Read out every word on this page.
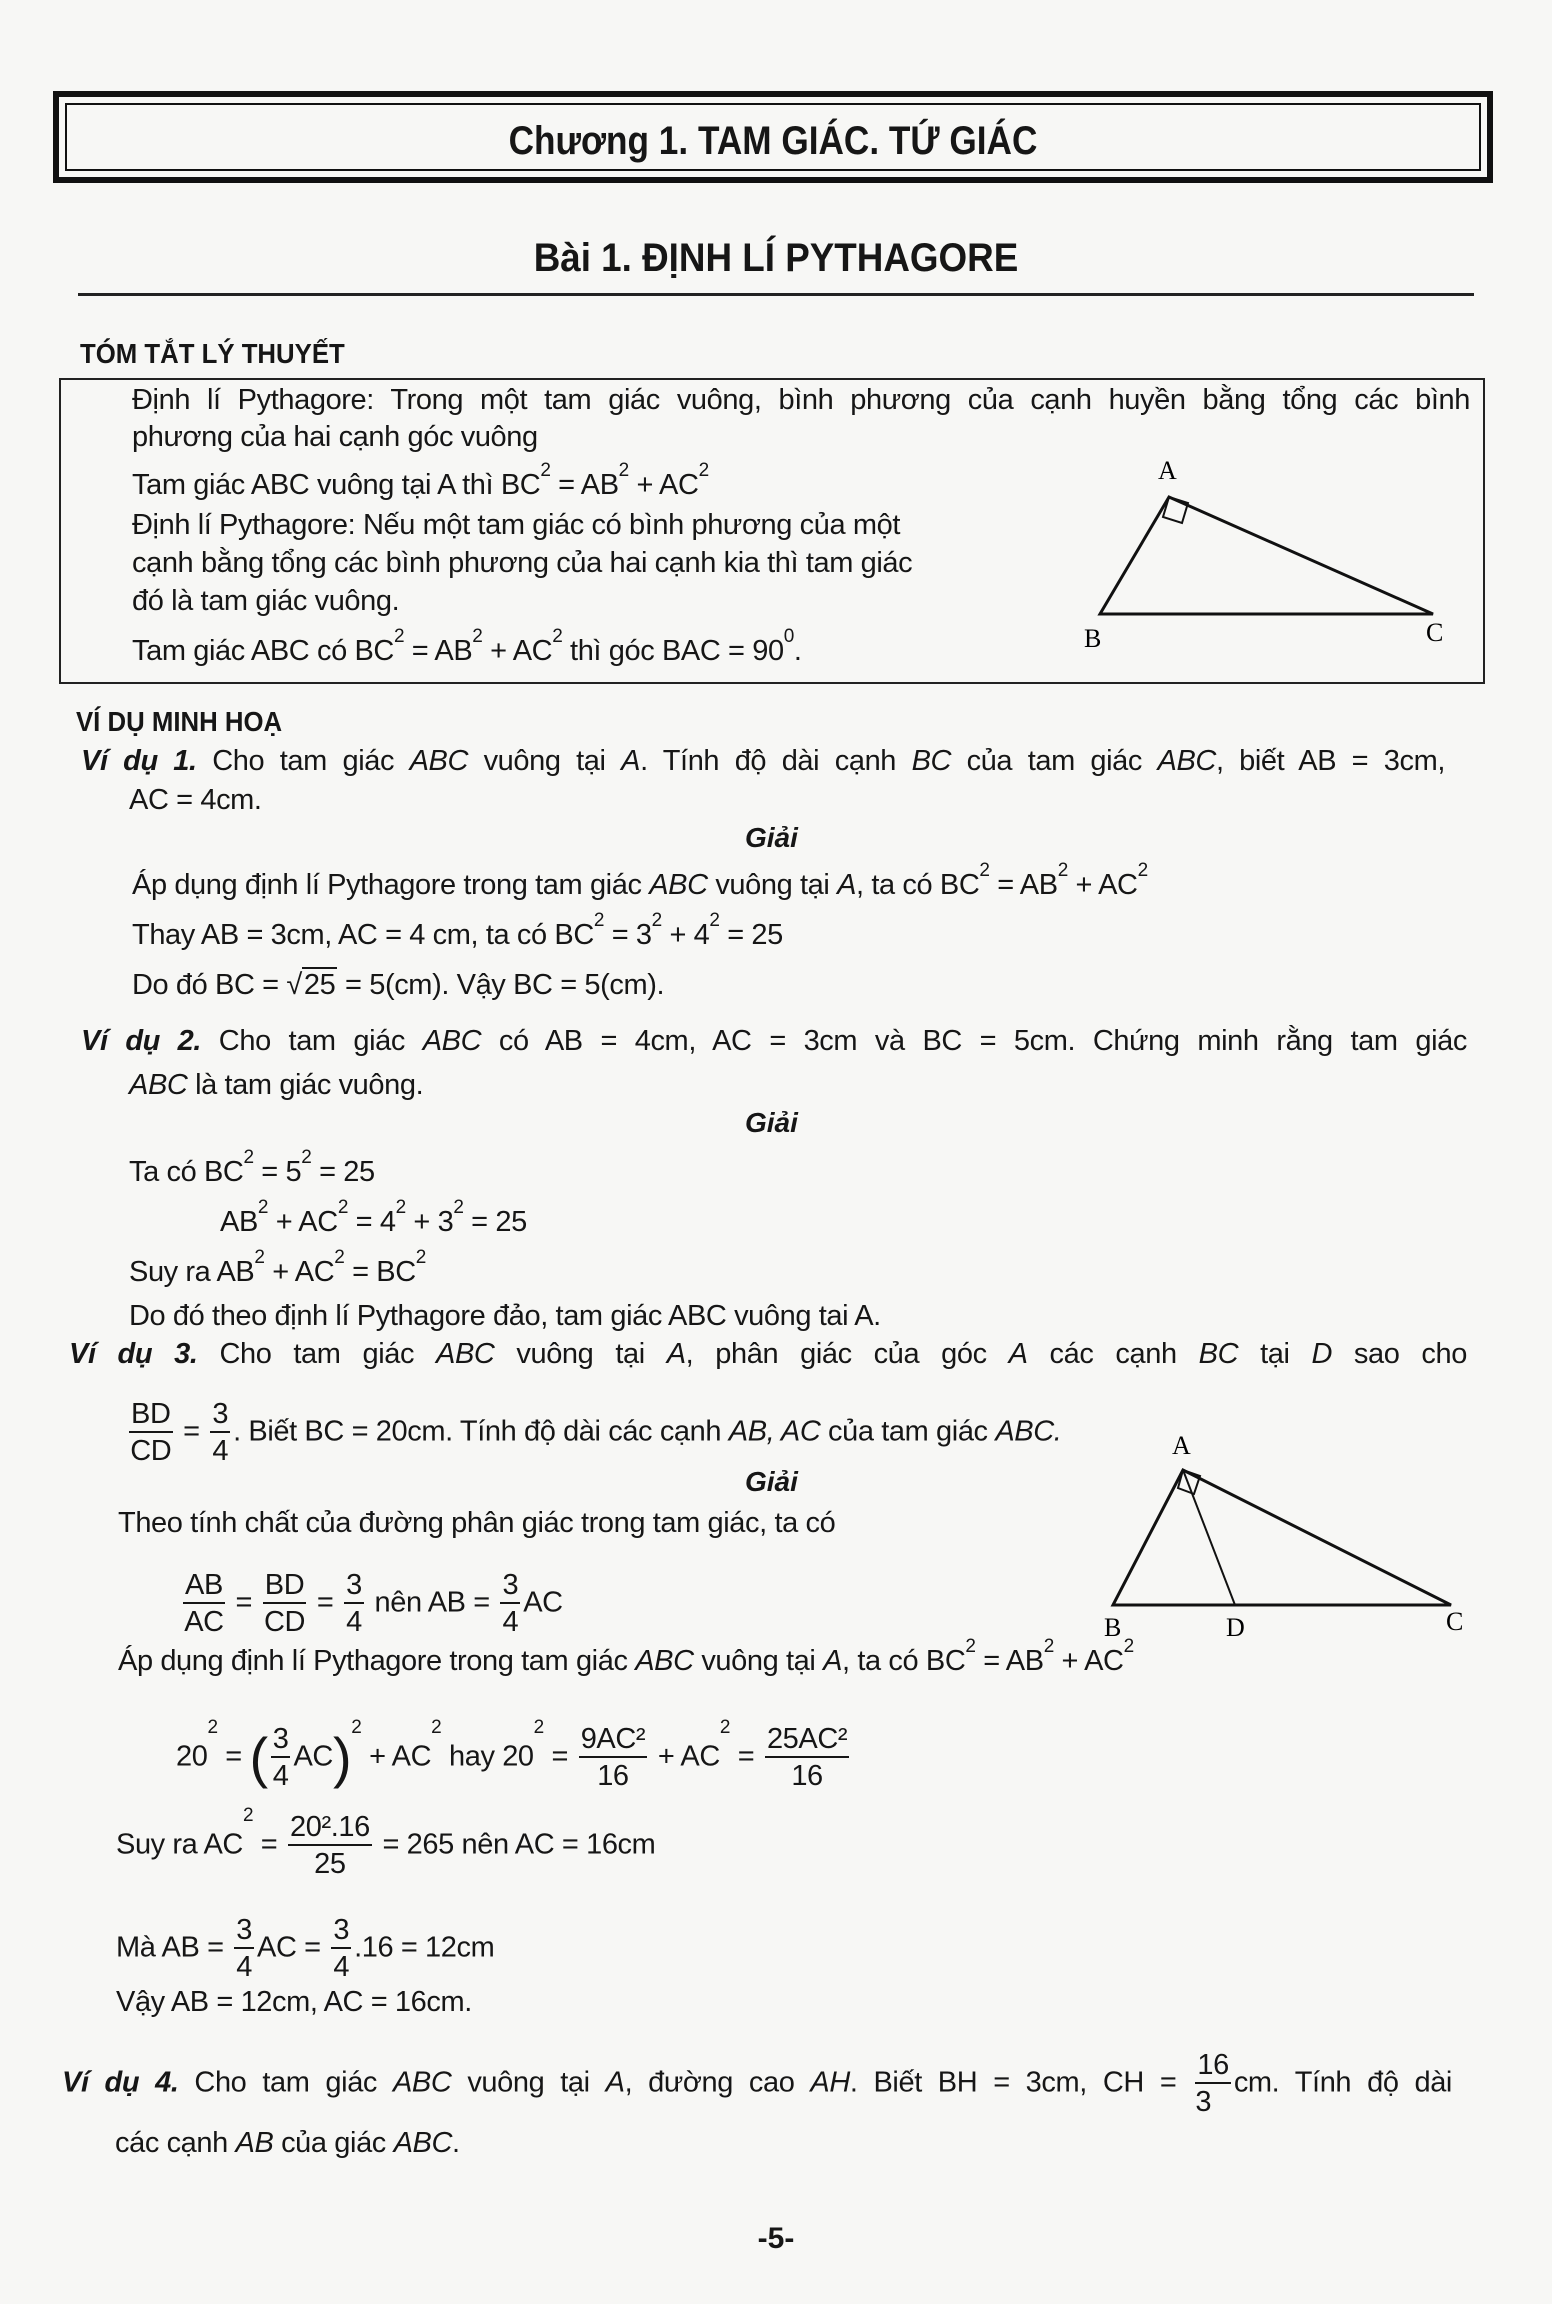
Chương 1. TAM GIÁC. TỨ GIÁC
Bài 1. ĐỊNH LÍ PYTHAGORE
TÓM TẮT LÝ THUYẾT
Định lí Pythagore: Trong một tam giác vuông, bình phương của cạnh huyền bằng tổng các bình
phương của hai cạnh góc vuông
Tam giác ABC vuông tại A thì $BC^2 = AB^2 + AC^2$
Định lí Pythagore: Nếu một tam giác có bình phương của một
cạnh bằng tổng các bình phương của hai cạnh kia thì tam giác
đó là tam giác vuông.
Tam giác ABC có $BC^2 = AB^2 + AC^2$ thì góc BAC = $90^0$.
A
B	C
VÍ DỤ MINH HOẠ
Ví dụ 1. Cho tam giác ABC vuông tại A. Tính độ dài cạnh BC của tam giác ABC, biết AB = 3cm,
AC = 4cm.
Giải
Áp dụng định lí Pythagore trong tam giác ABC vuông tại A, ta có $BC^2 = AB^2 + AC^2$
Thay AB = 3cm, AC = 4 cm, ta có $BC^2 = 3^2 + 4^2 = 25$
Do đó BC = √25 = 5(cm). Vậy BC = 5(cm).
Ví dụ 2. Cho tam giác ABC có AB = 4cm, AC = 3cm và BC = 5cm. Chứng minh rằng tam giác
ABC là tam giác vuông.
Giải
Ta có $BC^2 = 5^2 = 25$
$AB^2 + AC^2 = 4^2 + 3^2 = 25$
Suy ra $AB^2 + AC^2 = BC^2$
Do đó theo định lí Pythagore đảo, tam giác ABC vuông tai A.
Ví dụ 3. Cho tam giác ABC vuông tại A, phân giác của góc A các cạnh BC tại D sao cho
$\frac{BD}{CD} = \frac{3}{4}$ . Biết BC = 20cm. Tính độ dài các cạnh AB, AC của tam giác ABC.
Giải
Theo tính chất của đường phân giác trong tam giác, ta có
$\frac{AB}{AC} = \frac{BD}{CD} = \frac{3}{4}$ nên AB = $\frac{3}{4}$ AC
Áp dụng định lí Pythagore trong tam giác ABC vuông tại A, ta có $BC^2 = AB^2 + AC^2$
$20^2$ = ( $\frac{3}{4} AC)^2 + AC^2$ hay $20^2 = \frac{\text{9AC²}}{16} + AC^2 = \frac{\text{25AC²}}{16}$
Suy ra $AC^2 = \frac{\text{20².16}}{25} = 265$ nên AC = 16cm
Mà AB = $\frac{3}{4}$ AC = $\frac{3}{4} .16 = 12cm$
Vậy AB = 12cm, AC = 16cm.
A
B	D	C
Ví dụ 4. Cho tam giác ABC vuông tại A, đường cao AH. Biết BH = 3cm, CH = $\frac{16}{3}$ cm. Tính độ dài
các cạnh AB của giác ABC.
-5-
